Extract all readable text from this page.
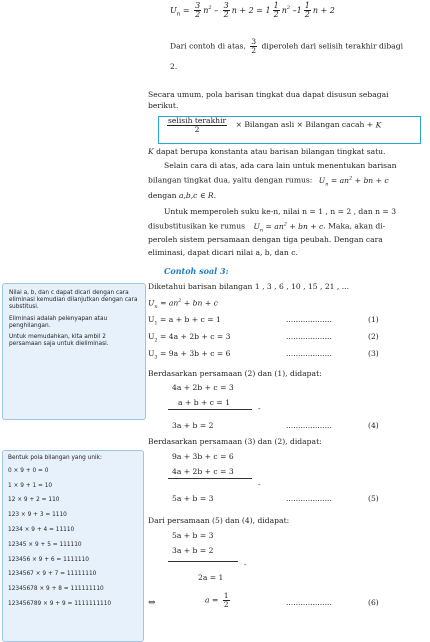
$U_n = \frac{3}{2} n^2 - \frac{3}{2}$ $n + 2 = 1 \frac{1}{2} n^2$ $-1 \frac{1}{2}$ n + 2
Dari contoh di atas, $\frac{3}{2}$ diperoleh dari selisih terakhir dibagi
2.
Secara umum, pola barisan tingkat dua dapat disusun sebagai
berikut.
$\frac{\text{selisih terakhir}}{2}$ × Bilangan asli × Bilangan cacah + K
K dapat berupa konstanta atau barisan bilangan tingkat satu.
Selain cara di atas, ada cara lain untuk menentukan barisan
bilangan tingkat dua, yaitu dengan rumus: $U_n = an^2$ + bn + c
dengan a,b,c ∈ R.
Untuk memperoleh suku ke-n, nilai n = 1 , n = 2 , dan n = 3
disubstitusikan ke rumus $U_n = an^2$ + bn + c. Maka, akan di-
peroleh sistem persamaan dengan tiga peubah. Dengan cara
eliminasi, dapat dicari nilai a, b, dan c.
Contoh soal 3:
Diketahui barisan bilangan 1 , 3 , 6 , 10 , 15 , 21 , ...
$U_n = an^2$ + bn + c
$U_1 = a + b + c = 1$	...................	(1)
$U_2 = 4a + 2b + c = 3$	...................	(2)
$U_3 = 9a + 3b + c = 6$	...................	(3)
Berdasarkan persamaan (2) dan (1), didapat:
4a + 2b + c = 3
a + b + c = 1
-
3a + b = 2	...................	(4)
Berdasarkan persamaan (3) dan (2), didapat:
9a + 3b + c = 6
4a + 2b + c = 3
-
5a + b = 3	...................	(5)
Dari persamaan (5) dan (4), didapat:
5a + b = 3
3a + b = 2
-
2a = 1
⇔	$a = \frac{1}{2}$	...................	(6)

Nilai a, b, dan c dapat dicari dengan cara eliminasi kemudian dilanjutkan dengan cara substitusi.

Eliminasi adalah pelenyapan atau penghilangan.

Untuk memudahkan, kita ambil 2 persamaan saja untuk dieliminasi.

Bentuk pola bilangan yang unik:
0 × 9 + 0 = 0
1 × 9 + 1 = 10
12 × 9 + 2 = 110
123 × 9 + 3 = 1110
1234 × 9 + 4 = 11110
12345 × 9 + 5 = 111110
123456 × 9 + 6 = 1111110
1234567 × 9 + 7 = 11111110
12345678 × 9 + 8 = 111111110
123456789 × 9 + 9 = 1111111110
